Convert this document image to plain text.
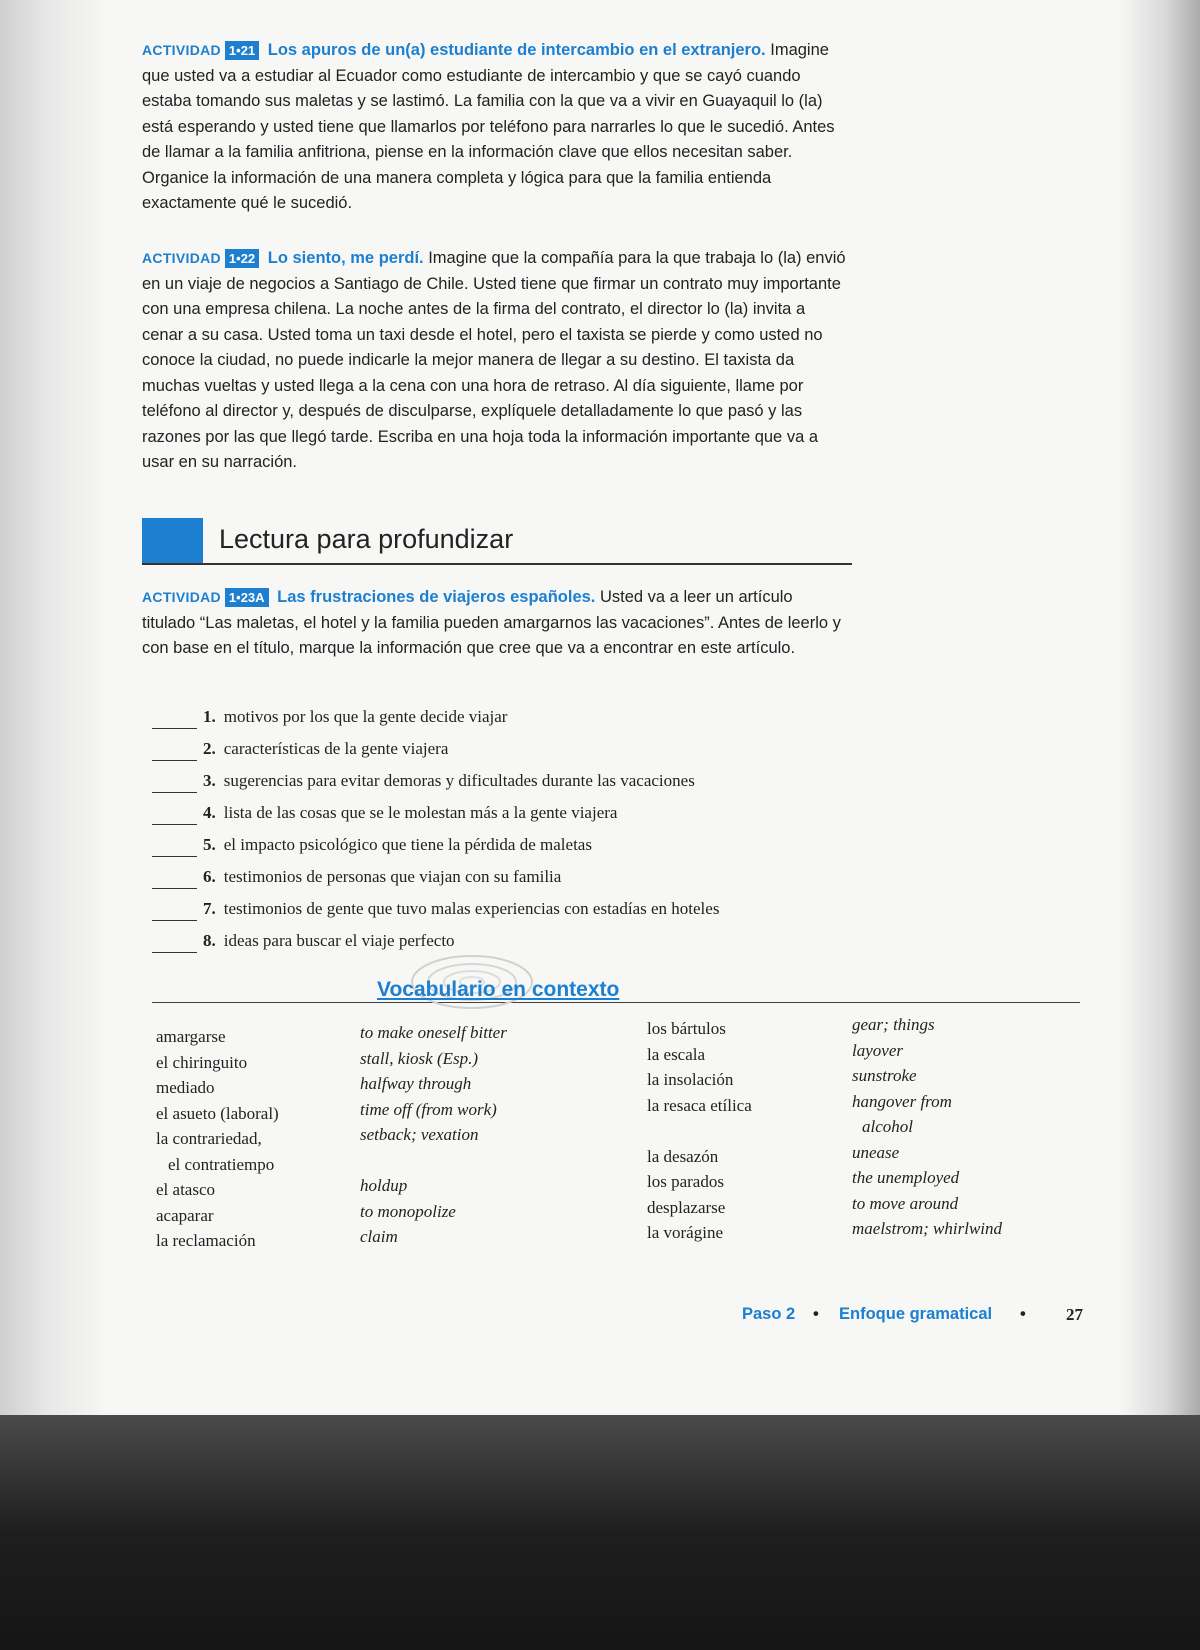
ACTIVIDAD 1•21 Los apuros de un(a) estudiante de intercambio en el extranjero. Imagine que usted va a estudiar al Ecuador como estudiante de intercambio y que se cayó cuando estaba tomando sus maletas y se lastimó. La familia con la que va a vivir en Guayaquil lo (la) está esperando y usted tiene que llamarlos por teléfono para narrarles lo que le sucedió. Antes de llamar a la familia anfitriona, piense en la información clave que ellos necesitan saber. Organice la información de una manera completa y lógica para que la familia entienda exactamente qué le sucedió.

ACTIVIDAD 1•22 Lo siento, me perdí. Imagine que la compañía para la que trabaja lo (la) envió en un viaje de negocios a Santiago de Chile. Usted tiene que firmar un contrato muy importante con una empresa chilena. La noche antes de la firma del contrato, el director lo (la) invita a cenar a su casa. Usted toma un taxi desde el hotel, pero el taxista se pierde y como usted no conoce la ciudad, no puede indicarle la mejor manera de llegar a su destino. El taxista da muchas vueltas y usted llega a la cena con una hora de retraso. Al día siguiente, llame por teléfono al director y, después de disculparse, explíquele detalladamente lo que pasó y las razones por las que llegó tarde. Escriba en una hoja toda la información importante que va a usar en su narración.

Lectura para profundizar

ACTIVIDAD 1•23A Las frustraciones de viajeros españoles. Usted va a leer un artículo titulado “Las maletas, el hotel y la familia pueden amargarnos las vacaciones”. Antes de leerlo y con base en el título, marque la información que cree que va a encontrar en este artículo.

1. motivos por los que la gente decide viajar
2. características de la gente viajera
3. sugerencias para evitar demoras y dificultades durante las vacaciones
4. lista de las cosas que se le molestan más a la gente viajera
5. el impacto psicológico que tiene la pérdida de maletas
6. testimonios de personas que viajan con su familia
7. testimonios de gente que tuvo malas experiencias con estadías en hoteles
8. ideas para buscar el viaje perfecto
Vocabulario en contexto
amargarse
el chiringuito
mediado
el asueto (laboral)
la contrariedad,
el contratiempo
el atasco
acaparar
la reclamación
to make oneself bitter
stall, kiosk (Esp.)
halfway through
time off (from work)
setback; vexation
holdup
to monopolize
claim
los bártulos
la escala
la insolación
la resaca etílica
la desazón
los parados
desplazarse
la vorágine
gear; things
layover
sunstroke
hangover from
alcohol
unease
the unemployed
to move around
maelstrom; whirlwind
Paso 2 • Enfoque gramatical • 27
